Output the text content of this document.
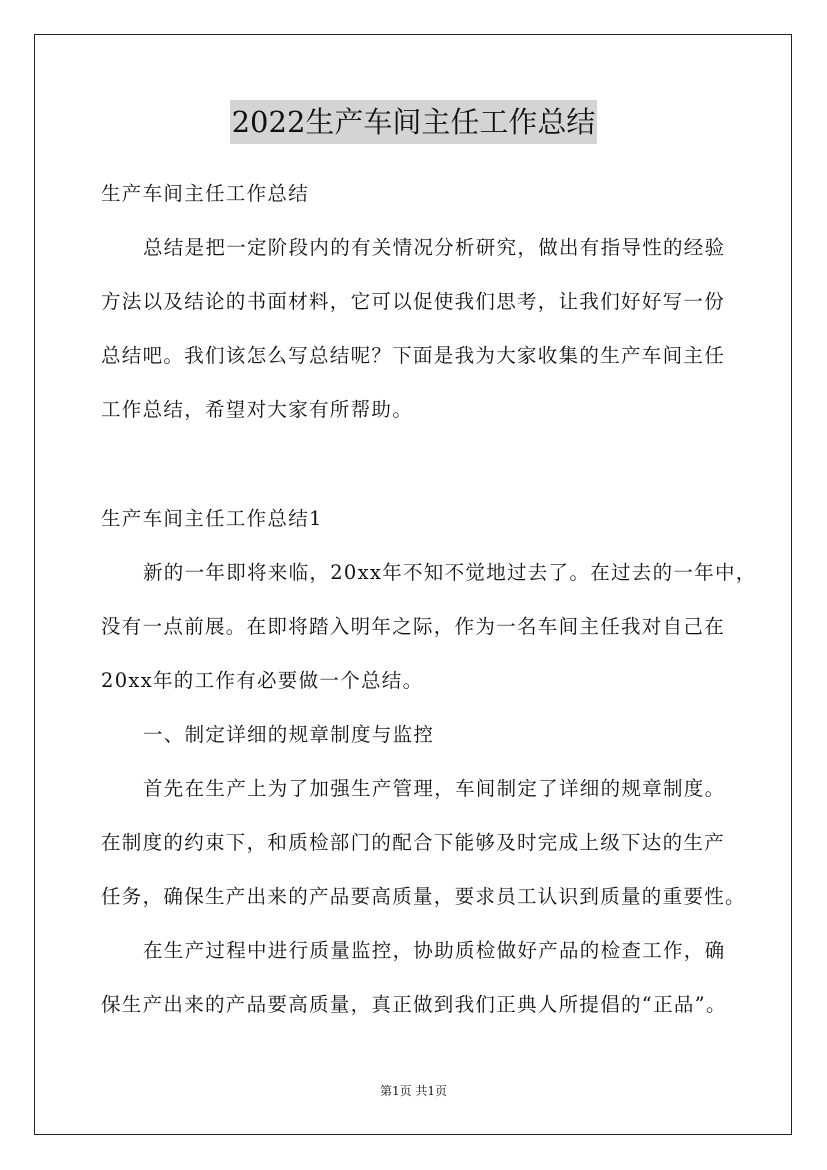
2022生产车间主任工作总结
生产车间主任工作总结
总结是把一定阶段内的有关情况分析研究，做出有指导性的经验
方法以及结论的书面材料，它可以促使我们思考，让我们好好写一份
总结吧。我们该怎么写总结呢？下面是我为大家收集的生产车间主任
工作总结，希望对大家有所帮助。
生产车间主任工作总结1
新的一年即将来临，20xx年不知不觉地过去了。在过去的一年中，
没有一点前展。在即将踏入明年之际，作为一名车间主任我对自己在
20xx年的工作有必要做一个总结。
一、制定详细的规章制度与监控
首先在生产上为了加强生产管理，车间制定了详细的规章制度。
在制度的约束下，和质检部门的配合下能够及时完成上级下达的生产
任务，确保生产出来的产品要高质量，要求员工认识到质量的重要性。
在生产过程中进行质量监控，协助质检做好产品的检查工作，确
保生产出来的产品要高质量，真正做到我们正典人所提倡的“正品”。
第1页 共1页
